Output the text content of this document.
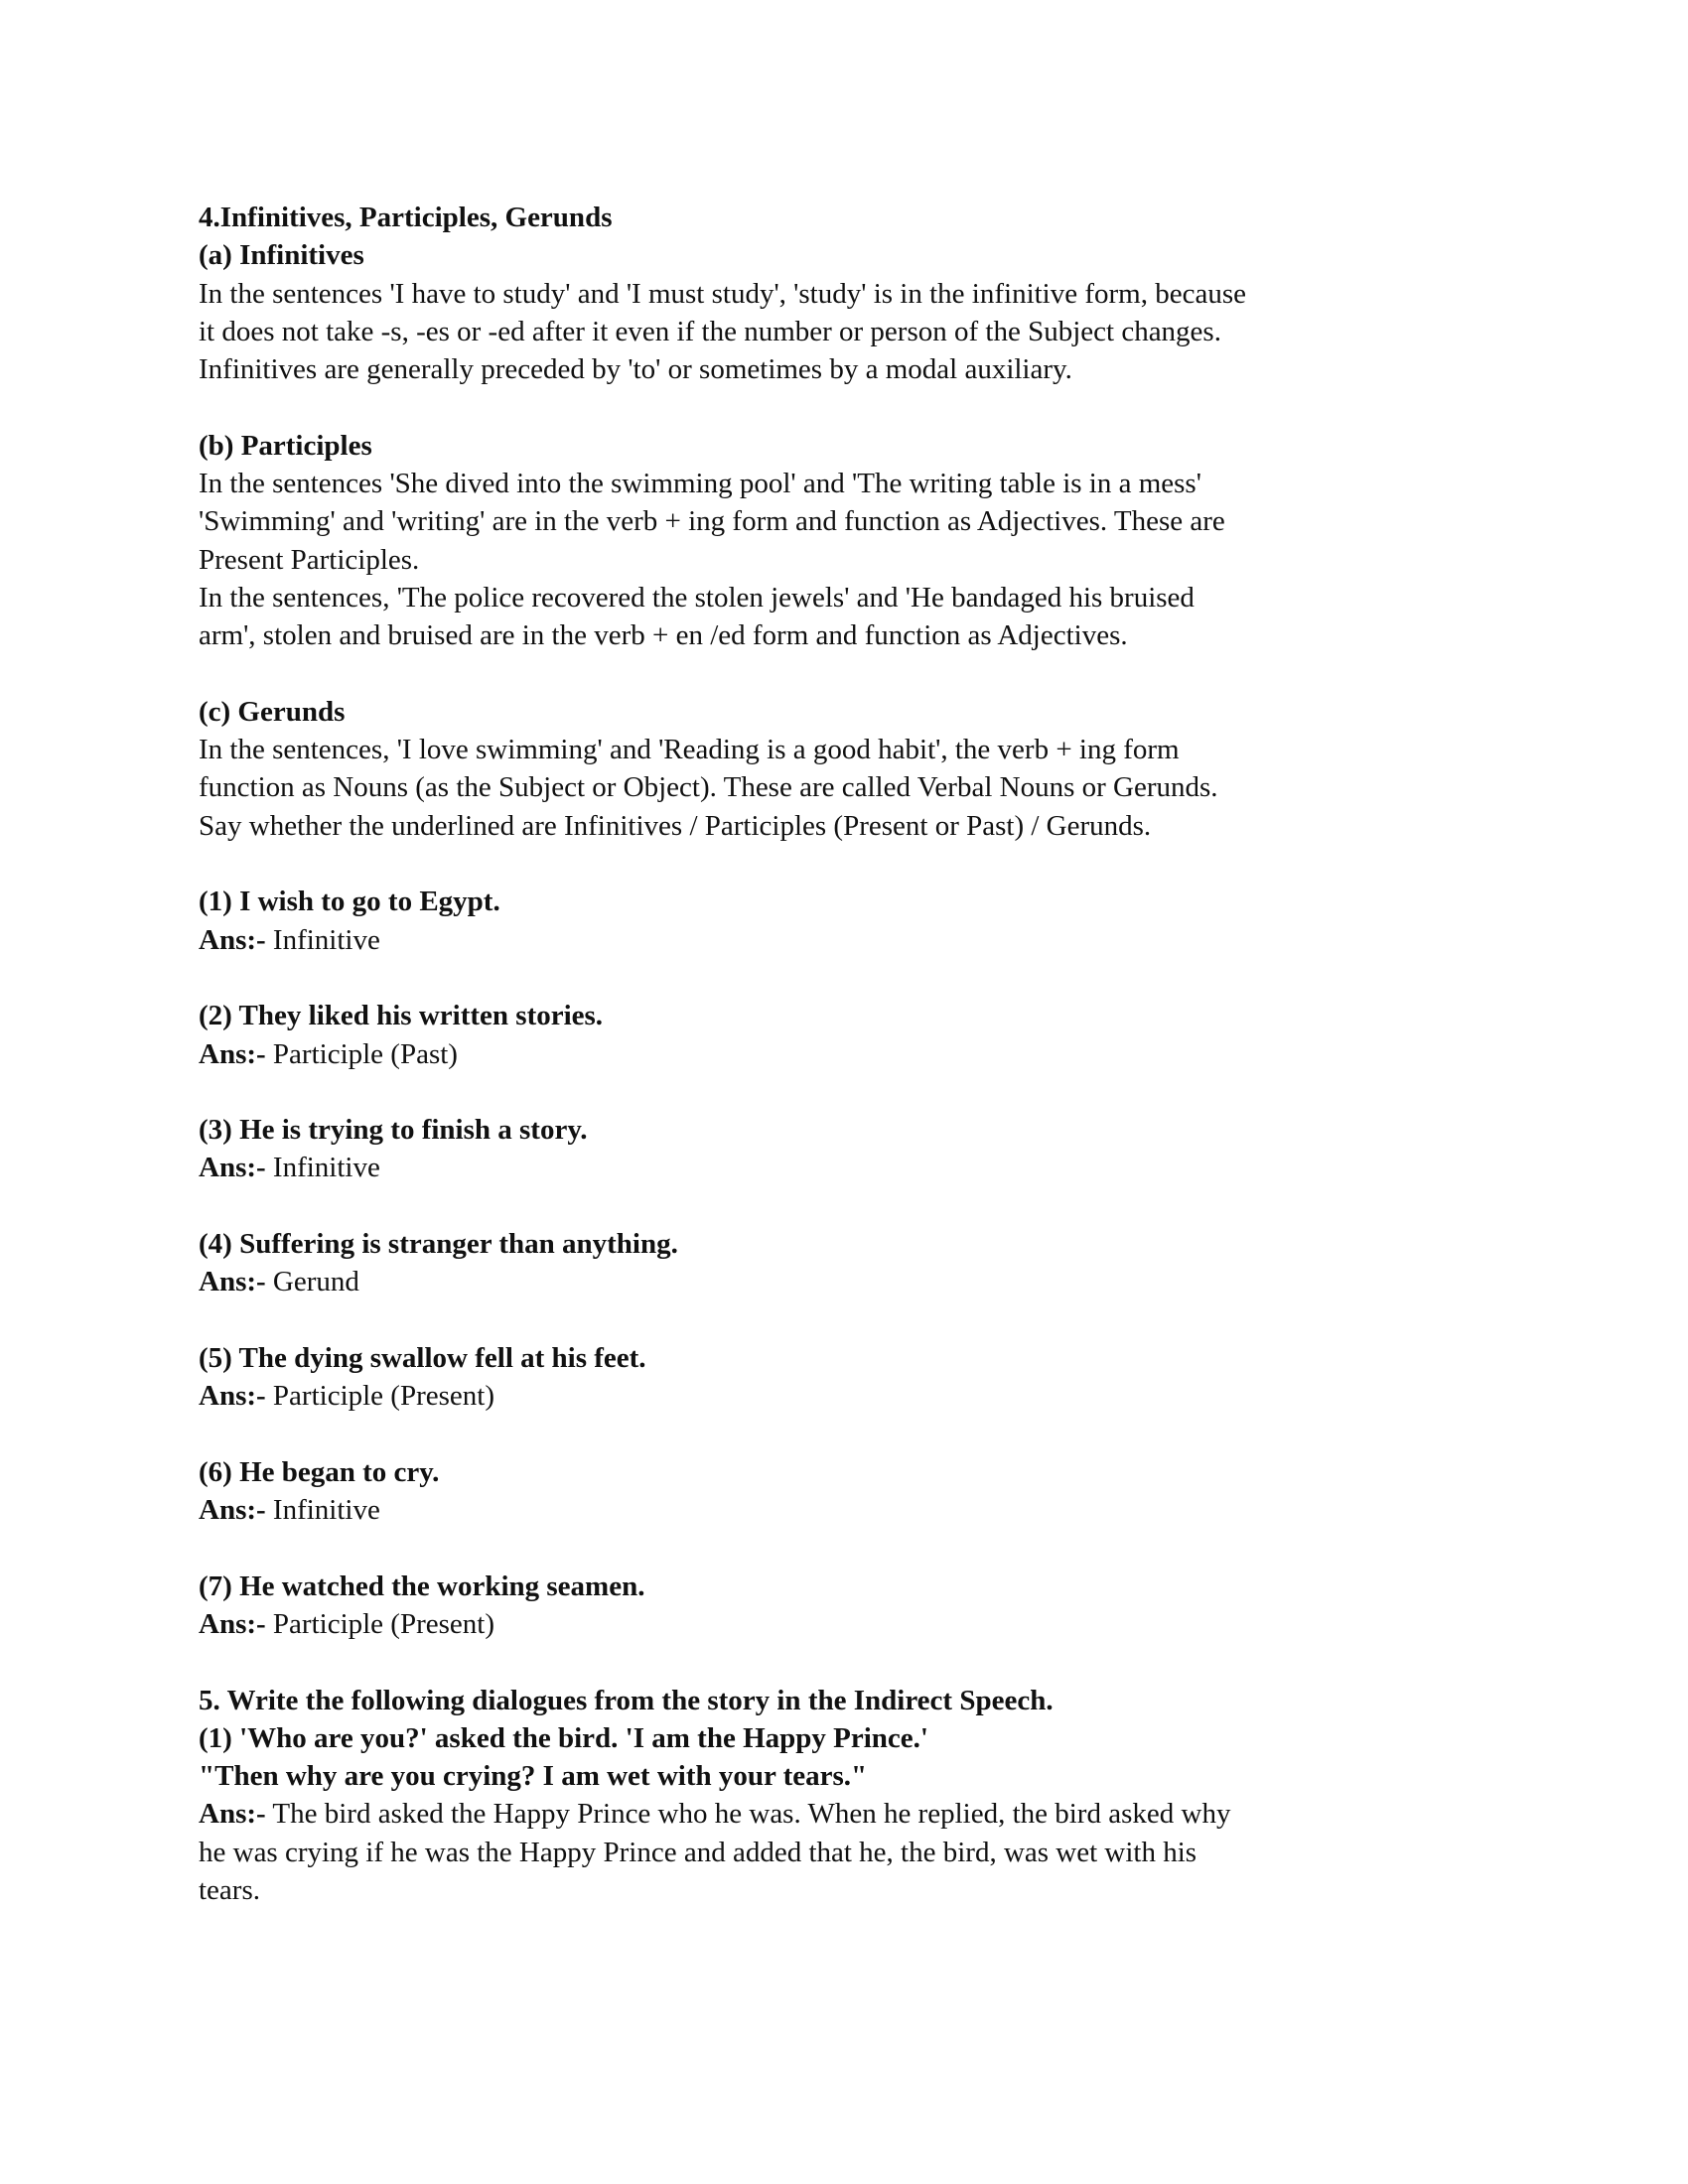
4.Infinitives, Participles, Gerunds
(a) Infinitives
In the sentences 'I have to study' and 'I must study', 'study' is in the infinitive form, because
it does not take -s, -es or -ed after it even if the number or person of the Subject changes.
Infinitives are generally preceded by 'to' or sometimes by a modal auxiliary.
(b) Participles
In the sentences 'She dived into the swimming pool' and 'The writing table is in a mess'
'Swimming' and 'writing' are in the verb + ing form and function as Adjectives. These are
Present Participles.
In the sentences, 'The police recovered the stolen jewels' and 'He bandaged his bruised
arm', stolen and bruised are in the verb + en /ed form and function as Adjectives.
(c) Gerunds
In the sentences, 'I love swimming' and 'Reading is a good habit', the verb + ing form
function as Nouns (as the Subject or Object). These are called Verbal Nouns or Gerunds.
Say whether the underlined are Infinitives / Participles (Present or Past) / Gerunds.
(1) I wish to go to Egypt.
Ans:- Infinitive
(2) They liked his written stories.
Ans:- Participle (Past)
(3) He is trying to finish a story.
Ans:- Infinitive
(4) Suffering is stranger than anything.
Ans:- Gerund
(5) The dying swallow fell at his feet.
Ans:- Participle (Present)
(6) He began to cry.
Ans:- Infinitive
(7) He watched the working seamen.
Ans:- Participle (Present)
5. Write the following dialogues from the story in the Indirect Speech.
(1) 'Who are you?' asked the bird. 'I am the Happy Prince.'
"Then why are you crying? I am wet with your tears."
Ans:- The bird asked the Happy Prince who he was. When he replied, the bird asked why
he was crying if he was the Happy Prince and added that he, the bird, was wet with his
tears.
